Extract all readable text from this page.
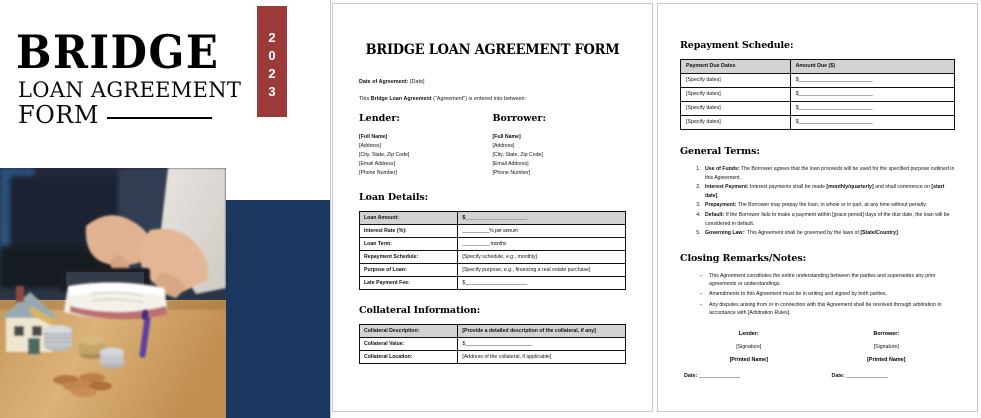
BRIDGE
LOAN AGREEMENT
FORM
2
0
2
3
BRIDGE LOAN AGREEMENT FORM
Date of Agreement: [Date]
This Bridge Loan Agreement ("Agreement") is entered into between:
Lender:
[Full Name]
[Address]
[City, State, Zip Code]
[Email Address]
[Phone Number]
Borrower:
[Full Name]
[Address]
[City, State, Zip Code]
[Email Address]
[Phone Number]
Loan Details:
Loan Amount:	$_______________________
Interest Rate (%):	__________% per annum
Loan Term:	__________ months
Repayment Schedule:	[Specify schedule, e.g., monthly]
Purpose of Loan:	[Specify purpose, e.g., financing a real estate purchase]
Late Payment Fee:	$_______________________
Collateral Information:
Collateral Description:	[Provide a detailed description of the collateral, if any]
Collateral Value:	$_________________________
Collateral Location:	[Address of the collateral, if applicable]
Repayment Schedule:
Payment Due Dates	Amount Due ($)
[Specify dates]	$___________________________
[Specify dates]	$___________________________
[Specify dates]	$___________________________
[Specify dates]	$___________________________
General Terms:
1. Use of Funds: The Borrower agrees that the loan proceeds will be used for the specified purpose outlined in this Agreement.
2. Interest Payment: Interest payments shall be made [monthly/quarterly] and shall commence on [start date].
3. Prepayment: The Borrower may prepay the loan, in whole or in part, at any time without penalty.
4. Default: If the Borrower fails to make a payment within [grace period] days of the due date, the loan will be considered in default.
5. Governing Law:: This Agreement shall be governed by the laws of [State/Country].
Closing Remarks/Notes:
- This Agreement constitutes the entire understanding between the parties and supersedes any prior agreements or understandings.
- Amendments to this Agreement must be in writing and signed by both parties.
- Any disputes arising from or in connection with this Agreement shall be resolved through arbitration in accordance with [Arbitration Rules].
Lender:
[Signature]
[Printed Name]
Borrower:
[Signature]
[Printed Name]
Date: _______________	Date: _______________
